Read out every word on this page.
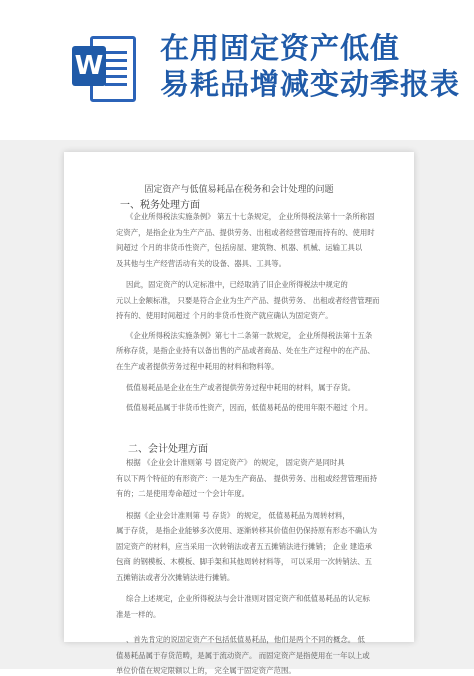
W
在用固定资产低值
易耗品增减变动季报表
固定资产与低值易耗品在税务和会计处理的问题
一、税务处理方面
《企业所得税法实施条例》 第五十七条规定， 企业所得税法第十一条所称固
定资产，是指企业为生产产品、提供劳务、出租或者经营管理而持有的、使用时
间超过 个月的非货币性资产，包括房屋、建筑物、机器、机械、运输工具以
及其他与生产经营活动有关的设备、器具、工具等。
因此，固定资产的认定标准中，已经取消了旧企业所得税法中规定的
元以上金额标准， 只要是符合企业为生产产品、提供劳务、 出租或者经营管理而
持有的、使用时间超过 个月的非货币性资产就应确认为固定资产。
《企业所得税法实施条例》第七十二条第一款规定， 企业所得税法第十五条
所称存货，是指企业持有以备出售的产品或者商品、处在生产过程中的在产品、
在生产或者提供劳务过程中耗用的材料和物料等。
低值易耗品是企业在生产或者提供劳务过程中耗用的材料，属于存货。
低值易耗品属于非货币性资产，因而，低值易耗品的使用年限不超过 个月。
二、会计处理方面
根据 《企业会计准则第 号 固定资产》 的规定， 固定资产是同时具
有以下两个特征的有形资产：一是为生产商品、 提供劳务、出租或经营管理而持
有的；二是使用寿命超过一个会计年度。
根据《企业会计准则第 号 存货》 的规定， 低值易耗品为周转材料，
属于存货， 是指企业能够多次使用、逐渐转移其价值但仍保持原有形态不确认为
固定资产的材料，应当采用一次转销法或者五五摊销法进行摊销； 企业 建造承
包商 的钢模板、木模板、脚手架和其他周转材料等， 可以采用一次转销法、五
五摊销法或者分次摊销法进行摊销。
综合上述规定，企业所得税法与会计准则对固定资产和低值易耗品的认定标
准是一样的。
、首先肯定的说固定资产不包括低值易耗品，他们是两个不同的概念。 低
值易耗品属于存货范畴，是属于流动资产。 而固定资产是指使用在一年以上或
单位价值在规定限额以上的， 完全属于固定资产范围。
